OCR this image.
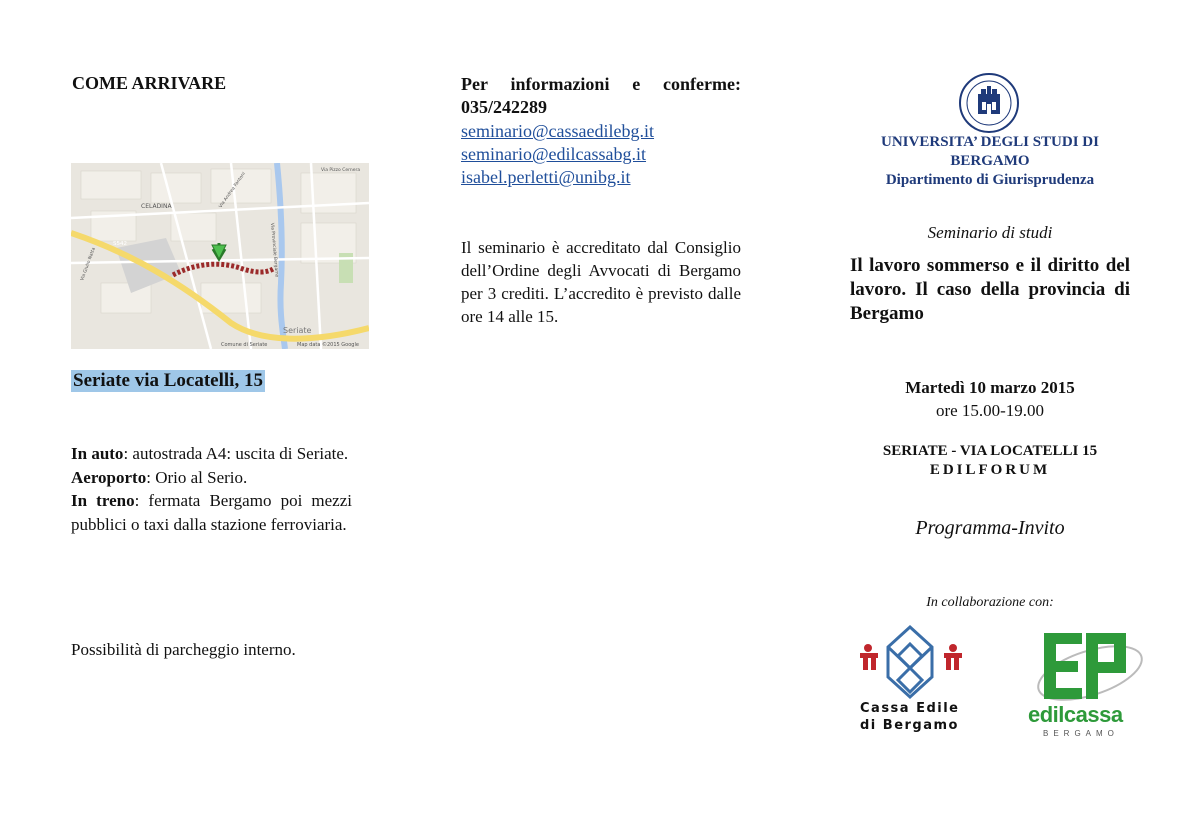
COME ARRIVARE
CELADINA
S542
Seriate
Comune di Seriate	Map data ©2015 Google
Via Pizzo Cernera
Via Andrea Fantoni
Via Giulio Natta	Via Provinciale Bergamo
Seriate via Locatelli, 15

In auto: autostrada A4: uscita di Seriate.

Aeroporto: Orio al Serio.

In treno: fermata Bergamo poi mezzi pubblici o taxi dalla stazione ferroviaria.

Possibilità di parcheggio interno.
Per informazioni e conferme:
035/242289
seminario@cassaedilebg.it
seminario@edilcassabg.it
isabel.perletti@unibg.it
Il seminario è accreditato dal Consiglio dell’Ordine degli Avvocati di Bergamo per 3 crediti. L’accredito è previsto dalle ore 14 alle 15.
UNIVERSITA’ DEGLI STUDI DI
BERGAMO
Dipartimento di Giurisprudenza
Seminario di studi
Il lavoro sommerso e il diritto del lavoro. Il caso della provincia di Bergamo
Martedì 10 marzo 2015
ore 15.00-19.00
SERIATE - VIA LOCATELLI 15
EDILFORUM
Programma-Invito
In collaborazione con:
Cassa Edile
di Bergamo	edilcassa
BERGAMO
